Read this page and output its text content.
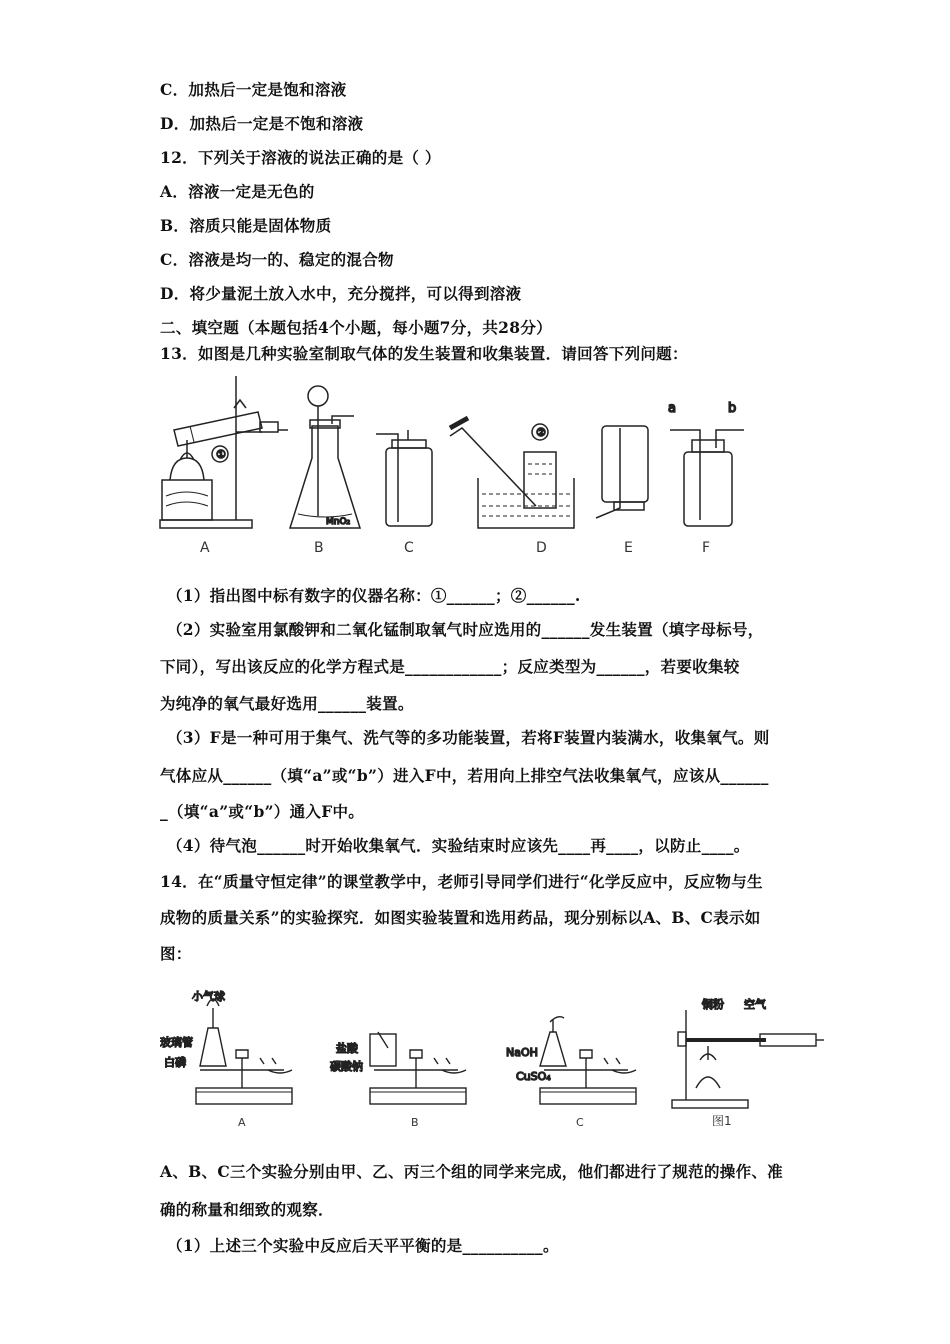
C．加热后一定是饱和溶液
D．加热后一定是不饱和溶液
12．下列关于溶液的说法正确的是（ ）
A．溶液一定是无色的
B．溶质只能是固体物质
C．溶液是均一的、稳定的混合物
D．将少量泥土放入水中，充分搅拌，可以得到溶液
二、填空题（本题包括4个小题，每小题7分，共28分）
13．如图是几种实验室制取气体的发生装置和收集装置．请回答下列问题：
①
MnO₂
②
a	b
A	B	C	D	E	F
（1）指出图中标有数字的仪器名称：①______；②______.
（2）实验室用氯酸钾和二氧化锰制取氧气时应选用的______发生装置（填字母标号，
下同），写出该反应的化学方程式是____________；反应类型为______，若要收集较
为纯净的氧气最好选用______装置。
（3）F是一种可用于集气、洗气等的多功能装置，若将F装置内装满水，收集氧气。则
气体应从______（填“a”或“b”）进入F中，若用向上排空气法收集氧气，应该从______
_（填“a”或“b”）通入F中。
（4）待气泡______时开始收集氧气．实验结束时应该先____再____，以防止____。
14．在“质量守恒定律”的课堂教学中，老师引导同学们进行“化学反应中，反应物与生
成物的质量关系”的实验探究．如图实验装置和选用药品，现分别标以A、B、C表示如
图：
小气球
玻璃管
白磷
盐酸
碳酸钠
NaOH
CuSO₄
铜粉 空气
A	B	C	图1
A、B、C三个实验分别由甲、乙、丙三个组的同学来完成，他们都进行了规范的操作、准
确的称量和细致的观察．
（1）上述三个实验中反应后天平平衡的是__________。
